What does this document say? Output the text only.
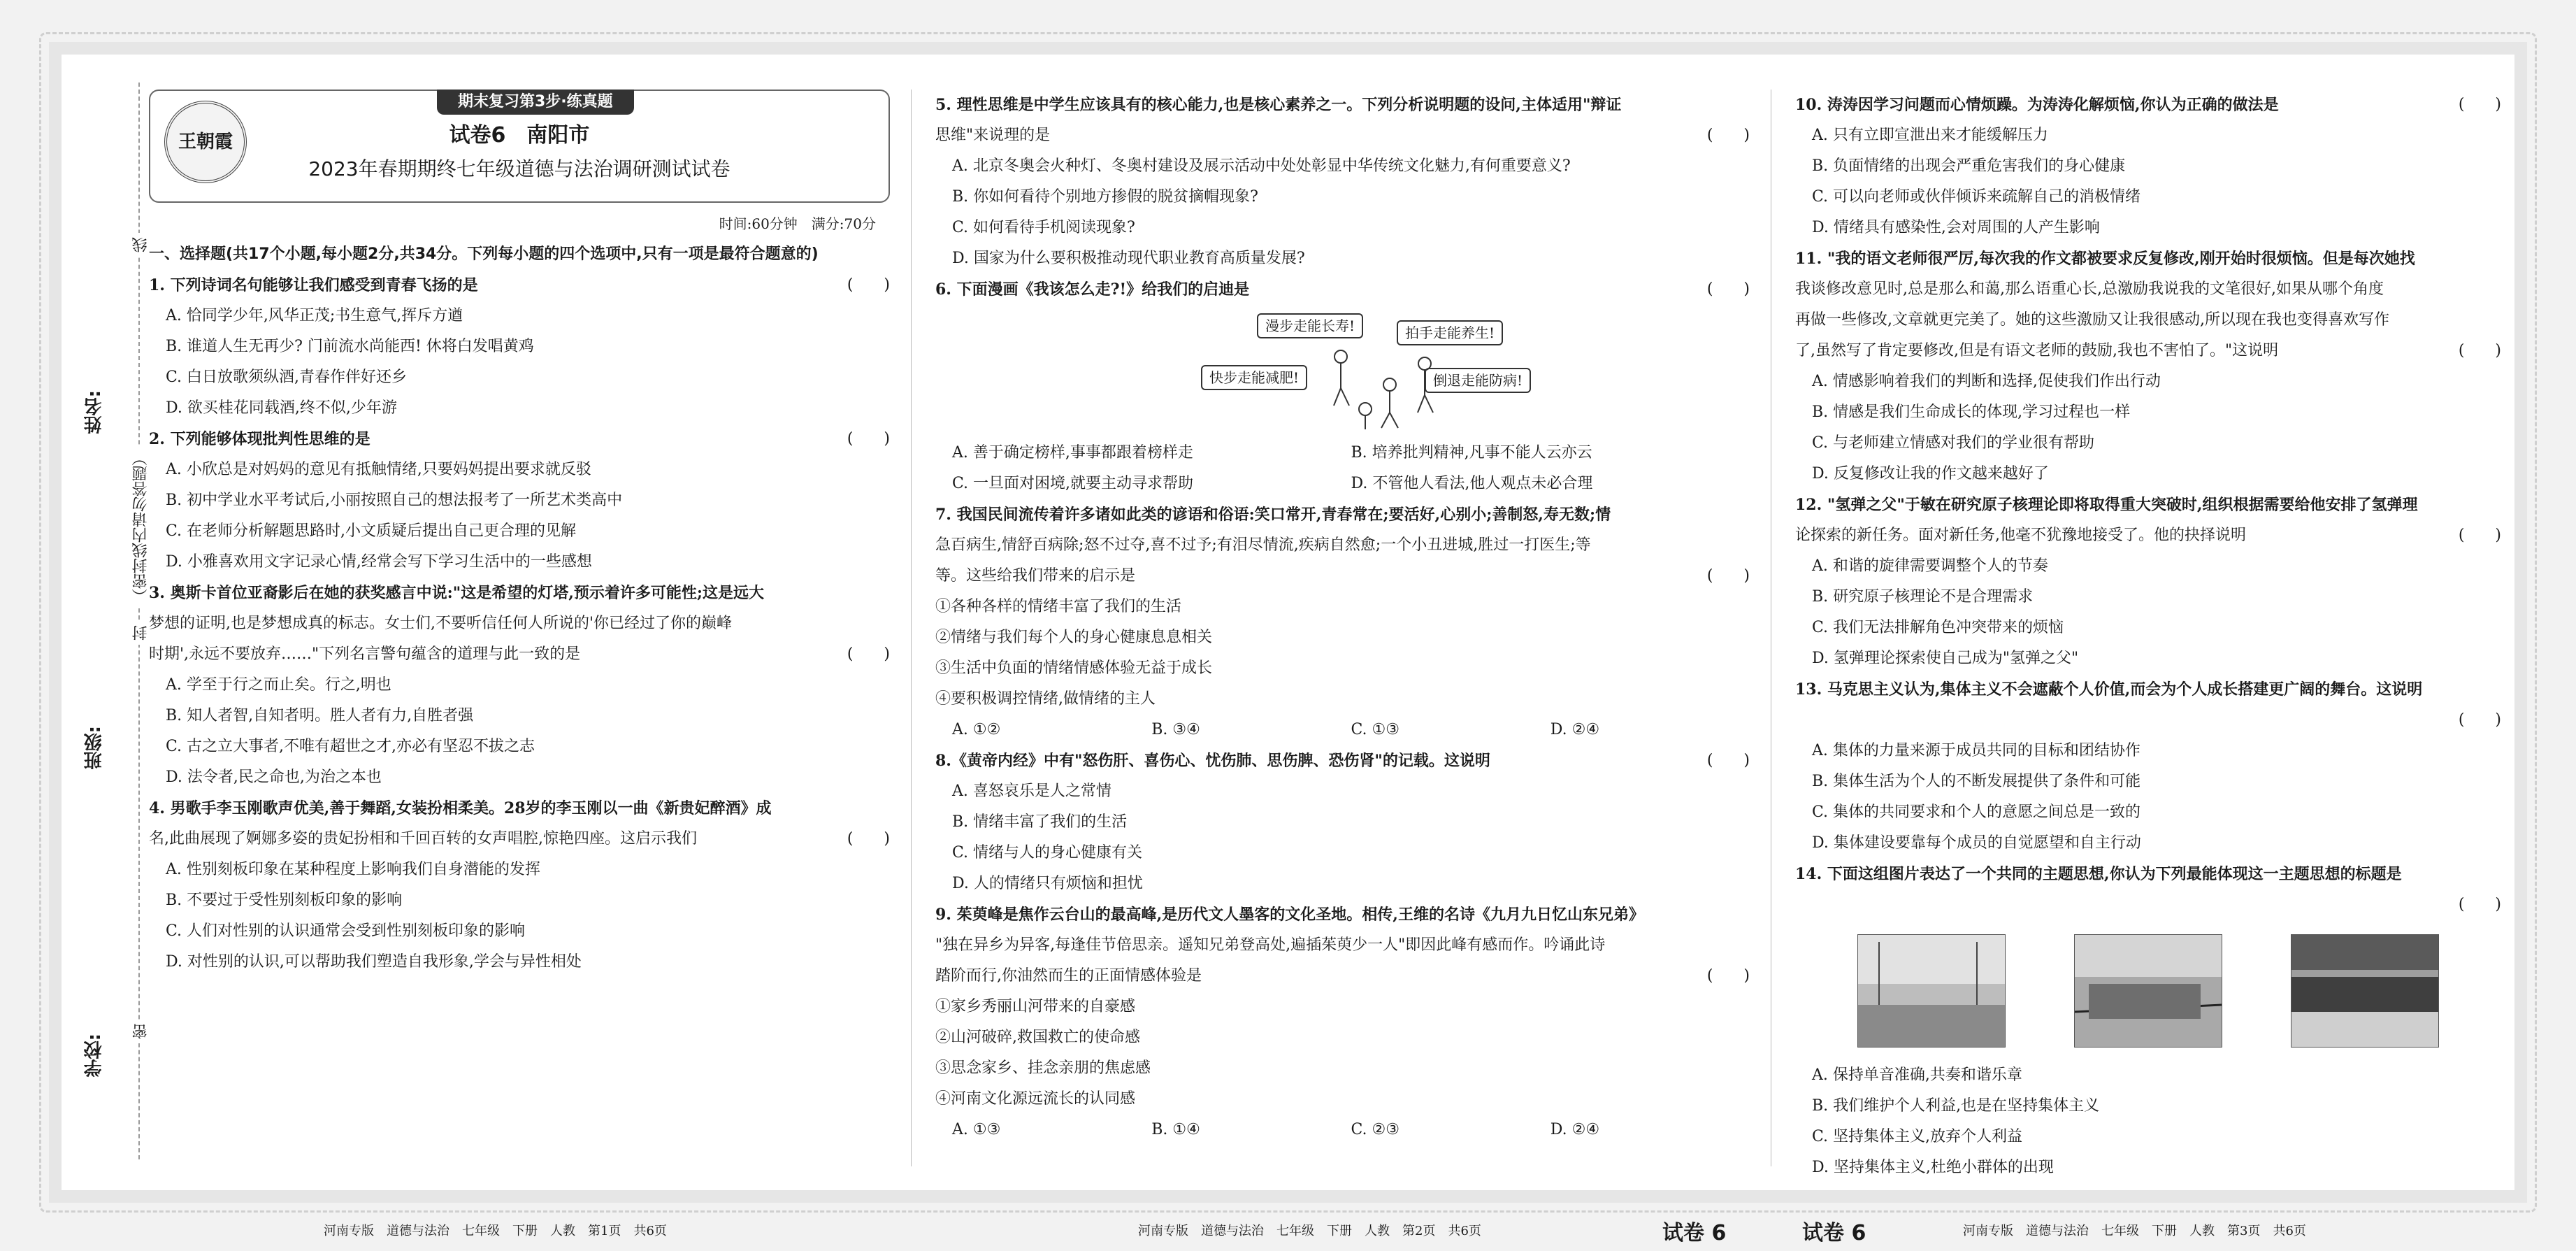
姓名:
班级:
学校:
（密封线内请勿答题）
线
封
密
期末复习第3步·练真题
王朝霞	试卷6　南阳市
2023年春期期终七年级道德与法治调研测试试卷
时间:60分钟　满分:70分
一、选择题(共17个小题,每小题2分,共34分。下列每小题的四个选项中,只有一项是最符合题意的)
1. 下列诗词名句能够让我们感受到青春飞扬的是	(　　)
A. 恰同学少年,风华正茂;书生意气,挥斥方遒
B. 谁道人生无再少? 门前流水尚能西! 休将白发唱黄鸡
C. 白日放歌须纵酒,青春作伴好还乡
D. 欲买桂花同载酒,终不似,少年游
2. 下列能够体现批判性思维的是	(　　)
A. 小欣总是对妈妈的意见有抵触情绪,只要妈妈提出要求就反驳
B. 初中学业水平考试后,小丽按照自己的想法报考了一所艺术类高中
C. 在老师分析解题思路时,小文质疑后提出自己更合理的见解
D. 小雅喜欢用文字记录心情,经常会写下学习生活中的一些感想
3. 奥斯卡首位亚裔影后在她的获奖感言中说:"这是希望的灯塔,预示着许多可能性;这是远大
梦想的证明,也是梦想成真的标志。女士们,不要听信任何人所说的'你已经过了你的巅峰
时期',永远不要放弃……"下列名言警句蕴含的道理与此一致的是	(　　)
A. 学至于行之而止矣。行之,明也
B. 知人者智,自知者明。胜人者有力,自胜者强
C. 古之立大事者,不唯有超世之才,亦必有坚忍不拔之志
D. 法令者,民之命也,为治之本也
4. 男歌手李玉刚歌声优美,善于舞蹈,女装扮相柔美。28岁的李玉刚以一曲《新贵妃醉酒》成
名,此曲展现了婀娜多姿的贵妃扮相和千回百转的女声唱腔,惊艳四座。这启示我们	(　　)
A. 性别刻板印象在某种程度上影响我们自身潜能的发挥
B. 不要过于受性别刻板印象的影响
C. 人们对性别的认识通常会受到性别刻板印象的影响
D. 对性别的认识,可以帮助我们塑造自我形象,学会与异性相处
5. 理性思维是中学生应该具有的核心能力,也是核心素养之一。下列分析说明题的设问,主体适用"辩证
思维"来说理的是	(　　)
A. 北京冬奥会火种灯、冬奥村建设及展示活动中处处彰显中华传统文化魅力,有何重要意义?
B. 你如何看待个别地方掺假的脱贫摘帽现象?
C. 如何看待手机阅读现象?
D. 国家为什么要积极推动现代职业教育高质量发展?
6. 下面漫画《我该怎么走?!》给我们的启迪是	(　　)
漫步走能长寿!	拍手走能养生!
快步走能减肥!	倒退走能防病!
A. 善于确定榜样,事事都跟着榜样走	B. 培养批判精神,凡事不能人云亦云
C. 一旦面对困境,就要主动寻求帮助	D. 不管他人看法,他人观点未必合理
7. 我国民间流传着许多诸如此类的谚语和俗语:笑口常开,青春常在;要活好,心别小;善制怒,寿无数;情
急百病生,情舒百病除;怒不过夺,喜不过予;有泪尽情流,疾病自然愈;一个小丑进城,胜过一打医生;等
等。这些给我们带来的启示是	(　　)
①各种各样的情绪丰富了我们的生活
②情绪与我们每个人的身心健康息息相关
③生活中负面的情绪情感体验无益于成长
④要积极调控情绪,做情绪的主人
A. ①②	B. ③④	C. ①③	D. ②④
8.《黄帝内经》中有"怒伤肝、喜伤心、忧伤肺、思伤脾、恐伤肾"的记载。这说明	(　　)
A. 喜怒哀乐是人之常情
B. 情绪丰富了我们的生活
C. 情绪与人的身心健康有关
D. 人的情绪只有烦恼和担忧
9. 茱萸峰是焦作云台山的最高峰,是历代文人墨客的文化圣地。相传,王维的名诗《九月九日忆山东兄弟》
"独在异乡为异客,每逢佳节倍思亲。遥知兄弟登高处,遍插茱萸少一人"即因此峰有感而作。吟诵此诗
踏阶而行,你油然而生的正面情感体验是	(　　)
①家乡秀丽山河带来的自豪感
②山河破碎,救国救亡的使命感
③思念家乡、挂念亲朋的焦虑感
④河南文化源远流长的认同感
A. ①③	B. ①④	C. ②③	D. ②④
10. 涛涛因学习问题而心情烦躁。为涛涛化解烦恼,你认为正确的做法是	(　　)
A. 只有立即宣泄出来才能缓解压力
B. 负面情绪的出现会严重危害我们的身心健康
C. 可以向老师或伙伴倾诉来疏解自己的消极情绪
D. 情绪具有感染性,会对周围的人产生影响
11. "我的语文老师很严厉,每次我的作文都被要求反复修改,刚开始时很烦恼。但是每次她找
我谈修改意见时,总是那么和蔼,那么语重心长,总激励我说我的文笔很好,如果从哪个角度
再做一些修改,文章就更完美了。她的这些激励又让我很感动,所以现在我也变得喜欢写作
了,虽然写了肯定要修改,但是有语文老师的鼓励,我也不害怕了。"这说明	(　　)
A. 情感影响着我们的判断和选择,促使我们作出行动
B. 情感是我们生命成长的体现,学习过程也一样
C. 与老师建立情感对我们的学业很有帮助
D. 反复修改让我的作文越来越好了
12. "氢弹之父"于敏在研究原子核理论即将取得重大突破时,组织根据需要给他安排了氢弹理
论探索的新任务。面对新任务,他毫不犹豫地接受了。他的抉择说明	(　　)
A. 和谐的旋律需要调整个人的节奏
B. 研究原子核理论不是合理需求
C. 我们无法排解角色冲突带来的烦恼
D. 氢弹理论探索使自己成为"氢弹之父"
13. 马克思主义认为,集体主义不会遮蔽个人价值,而会为个人成长搭建更广阔的舞台。这说明
(　　)
A. 集体的力量来源于成员共同的目标和团结协作
B. 集体生活为个人的不断发展提供了条件和可能
C. 集体的共同要求和个人的意愿之间总是一致的
D. 集体建设要靠每个成员的自觉愿望和自主行动
14. 下面这组图片表达了一个共同的主题思想,你认为下列最能体现这一主题思想的标题是
(　　)
A. 保持单音准确,共奏和谐乐章
B. 我们维护个人利益,也是在坚持集体主义
C. 坚持集体主义,放弃个人利益
D. 坚持集体主义,杜绝小群体的出现
河南专版　道德与法治　七年级　下册　人教　第1页　共6页	河南专版　道德与法治　七年级　下册　人教　第2页　共6页	试卷 6	试卷 6	河南专版　道德与法治　七年级　下册　人教　第3页　共6页
